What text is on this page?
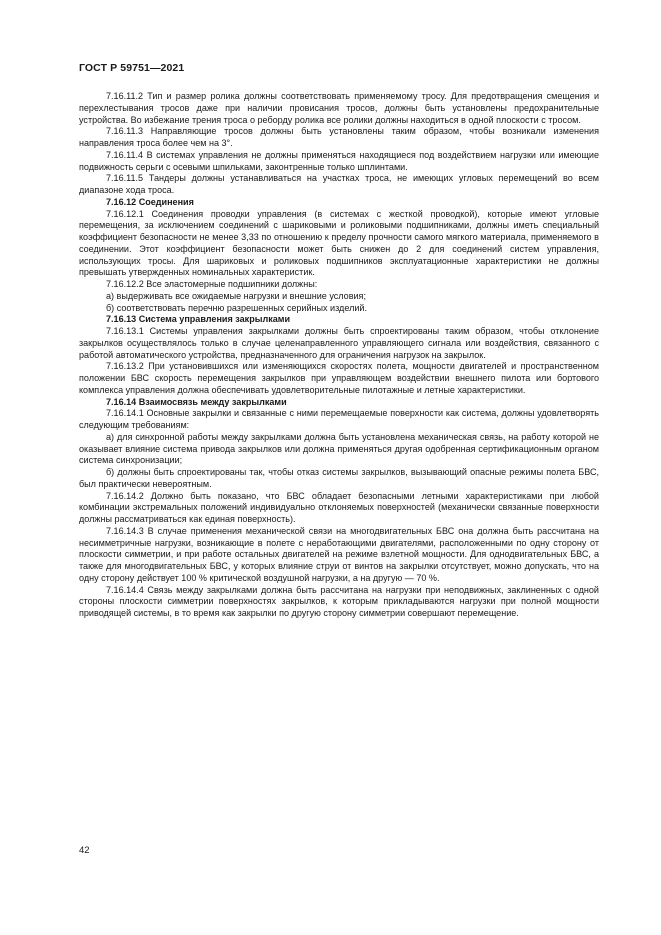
ГОСТ Р 59751—2021

7.16.11.2 Тип и размер ролика должны соответствовать применяемому тросу. Для предотвращения смещения и перехлестывания тросов даже при наличии провисания тросов, должны быть установлены предохранительные устройства. Во избежание трения троса о реборду ролика все ролики должны находиться в одной плоскости с тросом.

7.16.11.3 Направляющие тросов должны быть установлены таким образом, чтобы возникали изменения направления троса более чем на 3°.

7.16.11.4 В системах управления не должны применяться находящиеся под воздействием нагрузки или имеющие подвижность серьги с осевыми шпильками, законтренные только шплинтами.

7.16.11.5 Тандеры должны устанавливаться на участках троса, не имеющих угловых перемещений во всем диапазоне хода троса.

7.16.12 Соединения

7.16.12.1 Соединения проводки управления (в системах с жесткой проводкой), которые имеют угловые перемещения, за исключением соединений с шариковыми и роликовыми подшипниками, должны иметь специальный коэффициент безопасности не менее 3,33 по отношению к пределу прочности самого мягкого материала, применяемого в соединении. Этот коэффициент безопасности может быть снижен до 2 для соединений систем управления, использующих тросы. Для шариковых и роликовых подшипников эксплуатационные характеристики не должны превышать утвержденных номинальных характеристик.

7.16.12.2 Все эластомерные подшипники должны:

а) выдерживать все ожидаемые нагрузки и внешние условия;

б) соответствовать перечню разрешенных серийных изделий.

7.16.13 Система управления закрылками

7.16.13.1 Системы управления закрылками должны быть спроектированы таким образом, чтобы отклонение закрылков осуществлялось только в случае целенаправленного управляющего сигнала или воздействия, связанного с работой автоматического устройства, предназначенного для ограничения нагрузок на закрылок.

7.16.13.2 При установившихся или изменяющихся скоростях полета, мощности двигателей и пространственном положении БВС скорость перемещения закрылков при управляющем воздействии внешнего пилота или бортового комплекса управления должна обеспечивать удовлетворительные пилотажные и летные характеристики.

7.16.14 Взаимосвязь между закрылками

7.16.14.1 Основные закрылки и связанные с ними перемещаемые поверхности как система, должны удовлетворять следующим требованиям:

а) для синхронной работы между закрылками должна быть установлена механическая связь, на работу которой не оказывает влияние система привода закрылков или должна применяться другая одобренная сертификационным органом система синхронизации;

б) должны быть спроектированы так, чтобы отказ системы закрылков, вызывающий опасные режимы полета БВС, был практически невероятным.

7.16.14.2 Должно быть показано, что БВС обладает безопасными летными характеристиками при любой комбинации экстремальных положений индивидуально отклоняемых поверхностей (механически связанные поверхности должны рассматриваться как единая поверхность).

7.16.14.3 В случае применения механической связи на многодвигательных БВС она должна быть рассчитана на несимметричные нагрузки, возникающие в полете с неработающими двигателями, расположенными по одну сторону от плоскости симметрии, и при работе остальных двигателей на режиме взлетной мощности. Для однодвигательных БВС, а также для многодвигательных БВС, у которых влияние струи от винтов на закрылки отсутствует, можно допускать, что на одну сторону действует 100 % критической воздушной нагрузки, а на другую — 70 %.

7.16.14.4 Связь между закрылками должна быть рассчитана на нагрузки при неподвижных, заклиненных с одной стороны плоскости симметрии поверхностях закрылков, к которым прикладываются нагрузки при полной мощности приводящей системы, в то время как закрылки по другую сторону симметрии совершают перемещение.

42
